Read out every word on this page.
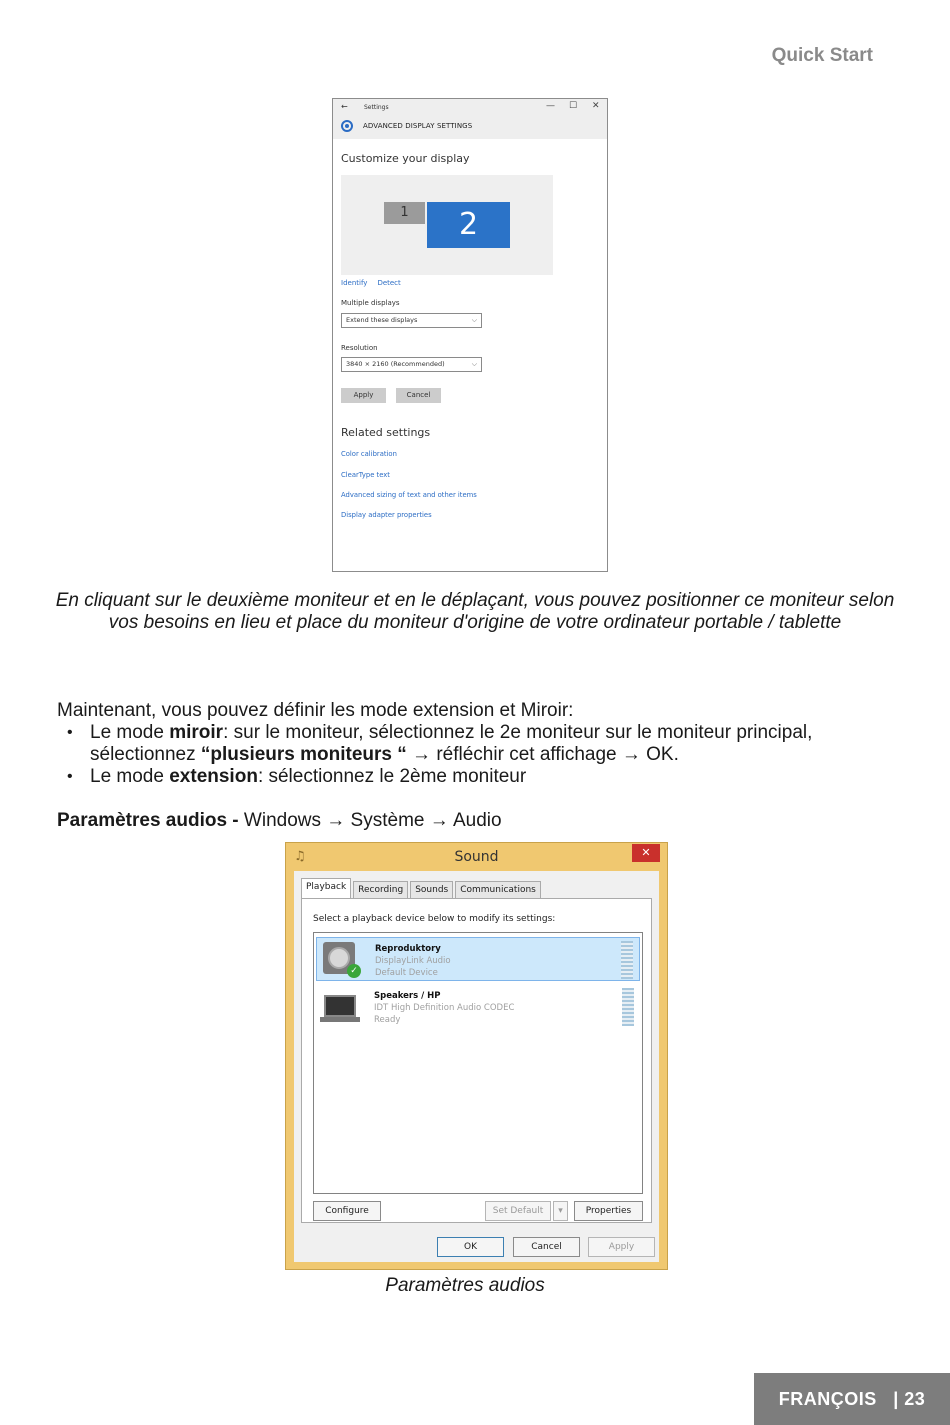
Quick Start
←	Settings	— ☐ ✕
ADVANCED DISPLAY SETTINGS
Customize your display
1	2
Identify Detect
Multiple displays
Extend these displays	⌵
Resolution
3840 × 2160 (Recommended)	⌵
Apply	Cancel
Related settings
Color calibration
ClearType text
Advanced sizing of text and other items
Display adapter properties
En cliquant sur le deuxième moniteur et en le déplaçant, vous pouvez positionner ce moniteur selon vos besoins en lieu et place du moniteur d'origine de votre ordinateur portable / tablette
Maintenant, vous pouvez définir les mode extension et Miroir:
• Le mode miroir: sur le moniteur, sélectionnez le 2e moniteur sur le moniteur principal, sélectionnez “plusieurs moniteurs “ → réfléchir cet affichage → OK.
• Le mode extension: sélectionnez le 2ème moniteur
Paramètres audios - Windows → Système → Audio
♫	Sound	✕
Playback	Recording	Sounds	Communications
Select a playback device below to modify its settings:
✓
Reproduktory
DisplayLink Audio
Default Device
Speakers / HP
IDT High Definition Audio CODEC
Ready
Configure	Set Default	▾	Properties
OK	Cancel	Apply
Paramètres audios
FRANÇOIS   | 23
